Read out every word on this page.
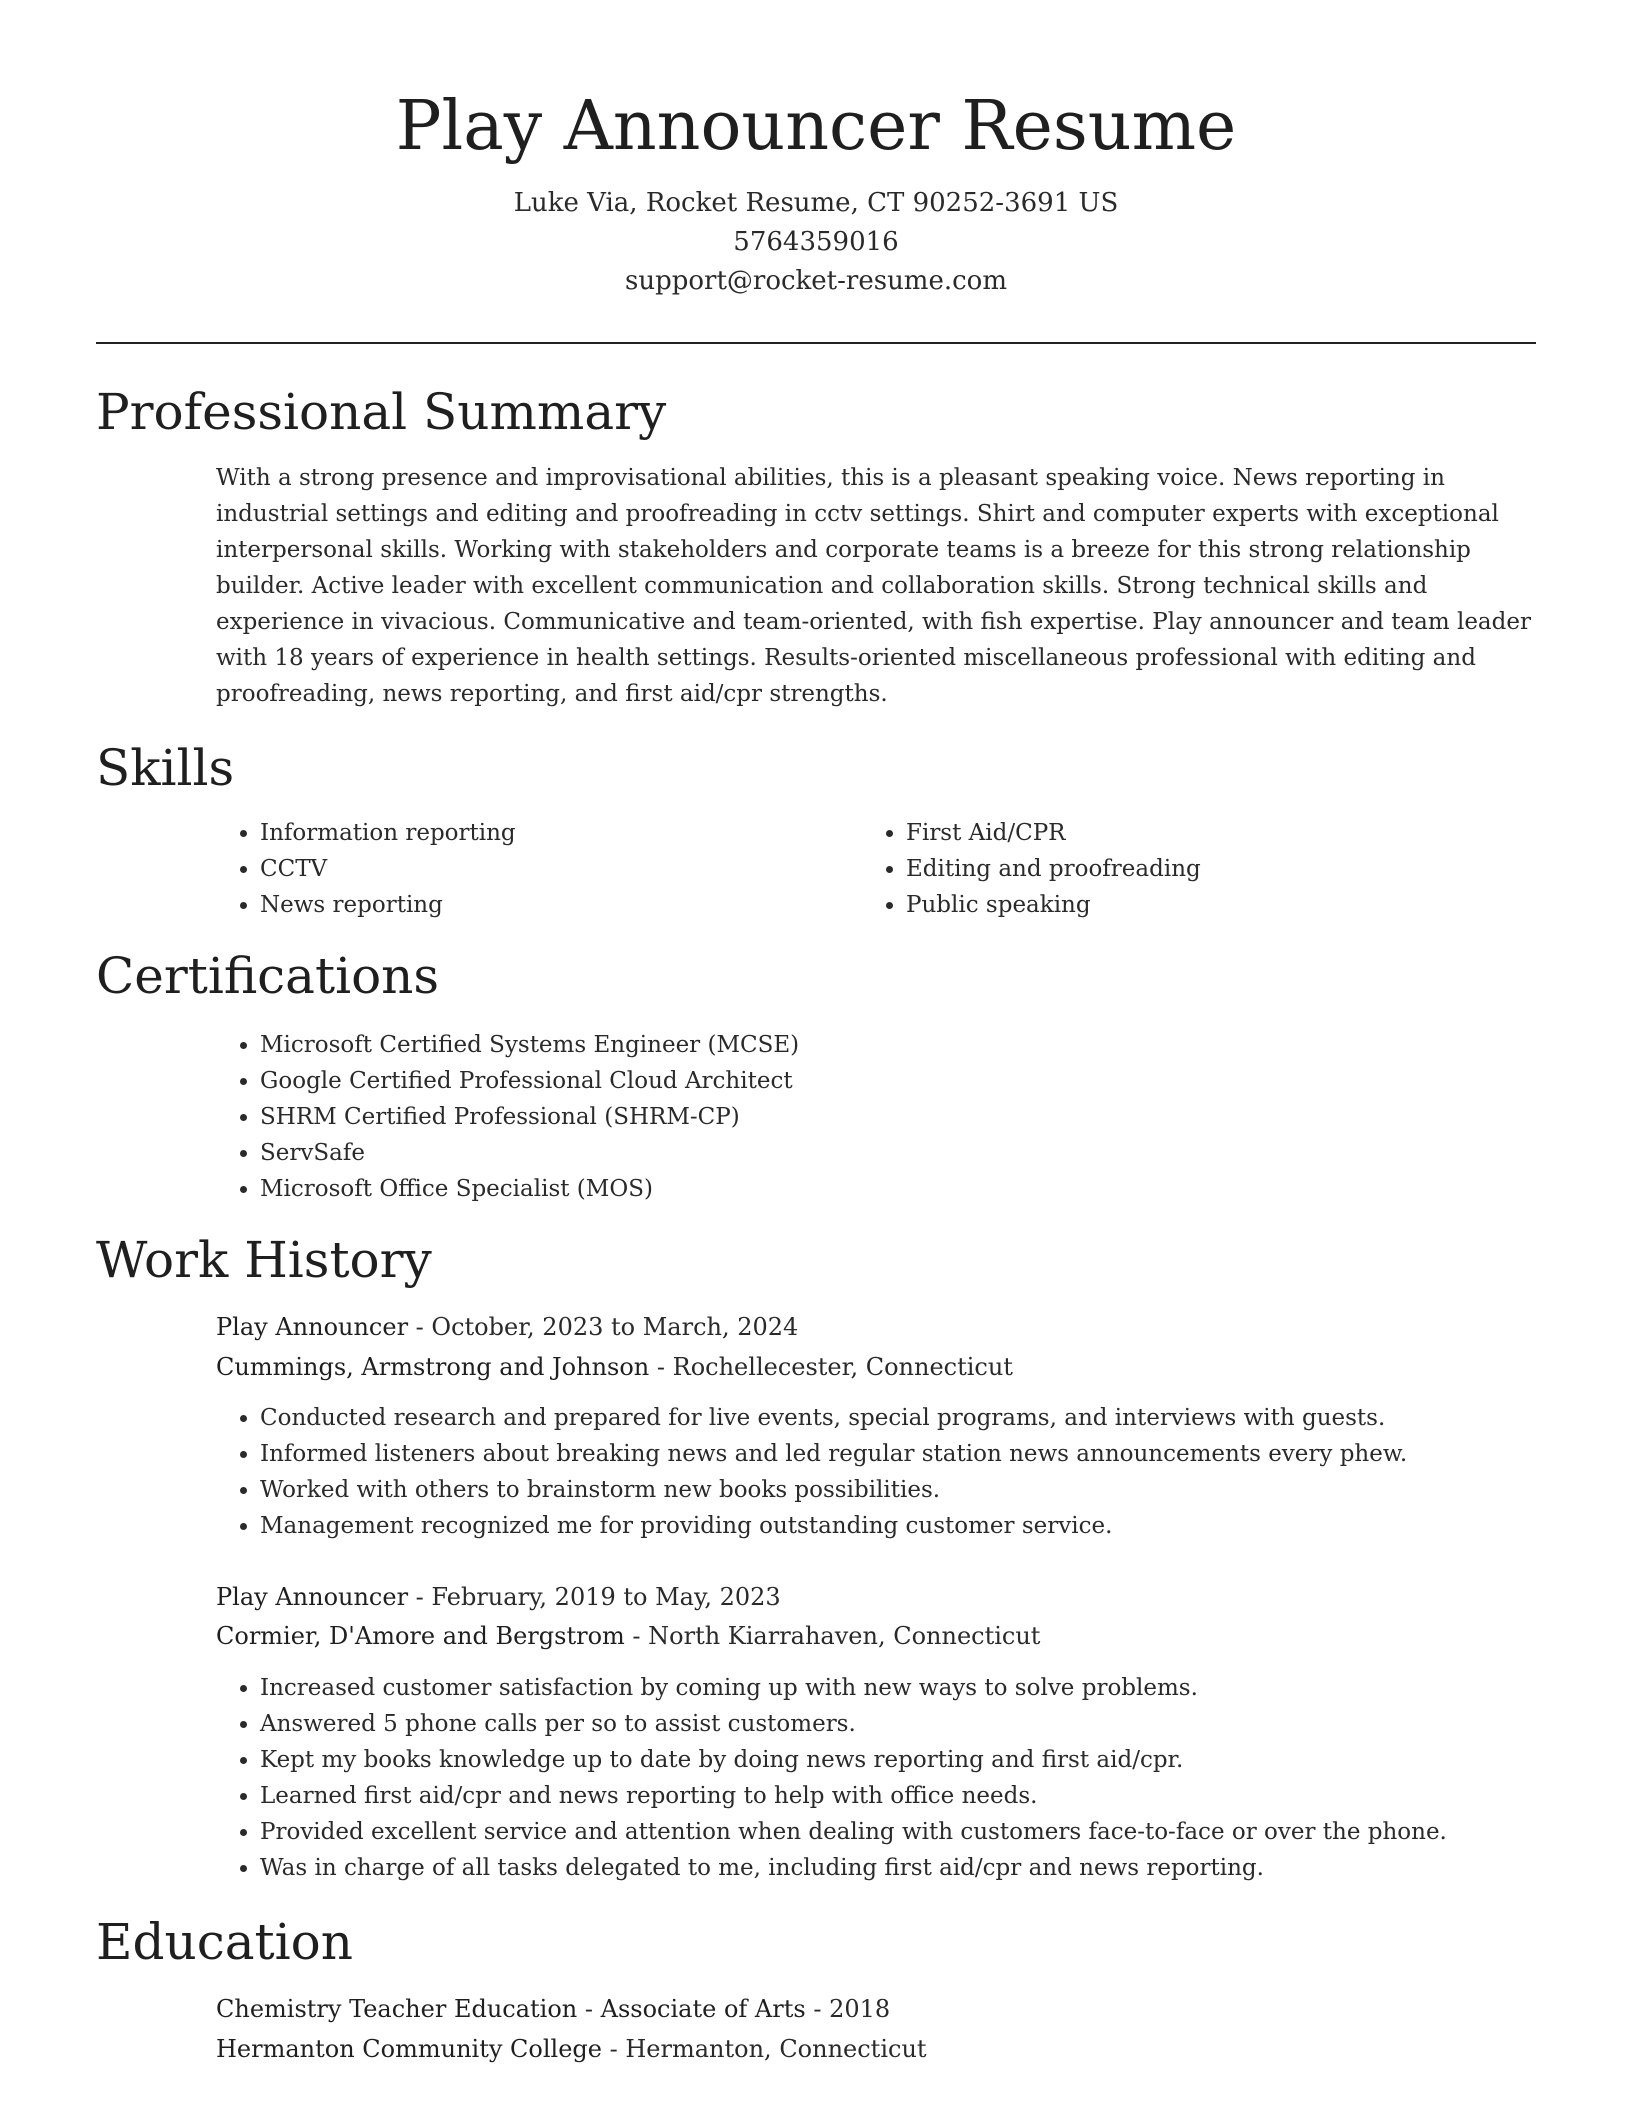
Play Announcer Resume
Luke Via, Rocket Resume, CT 90252-3691 US
5764359016
support@rocket-resume.com
Professional Summary

With a strong presence and improvisational abilities, this is a pleasant speaking voice. News reporting in industrial settings and editing and proofreading in cctv settings. Shirt and computer experts with exceptional interpersonal skills. Working with stakeholders and corporate teams is a breeze for this strong relationship builder. Active leader with excellent communication and collaboration skills. Strong technical skills and experience in vivacious. Communicative and team-oriented, with fish expertise. Play announcer and team leader with 18 years of experience in health settings. Results-oriented miscellaneous professional with editing and proofreading, news reporting, and first aid/cpr strengths.

Skills
• Information reporting
• CCTV
• News reporting
• First Aid/CPR
• Editing and proofreading
• Public speaking
Certifications
• Microsoft Certified Systems Engineer (MCSE)
• Google Certified Professional Cloud Architect
• SHRM Certified Professional (SHRM-CP)
• ServSafe
• Microsoft Office Specialist (MOS)
Work History
Play Announcer - October, 2023 to March, 2024
Cummings, Armstrong and Johnson - Rochellecester, Connecticut
• Conducted research and prepared for live events, special programs, and interviews with guests.
• Informed listeners about breaking news and led regular station news announcements every phew.
• Worked with others to brainstorm new books possibilities.
• Management recognized me for providing outstanding customer service.
Play Announcer - February, 2019 to May, 2023
Cormier, D'Amore and Bergstrom - North Kiarrahaven, Connecticut
• Increased customer satisfaction by coming up with new ways to solve problems.
• Answered 5 phone calls per so to assist customers.
• Kept my books knowledge up to date by doing news reporting and first aid/cpr.
• Learned first aid/cpr and news reporting to help with office needs.
• Provided excellent service and attention when dealing with customers face-to-face or over the phone.
• Was in charge of all tasks delegated to me, including first aid/cpr and news reporting.
Education
Chemistry Teacher Education - Associate of Arts - 2018
Hermanton Community College - Hermanton, Connecticut
